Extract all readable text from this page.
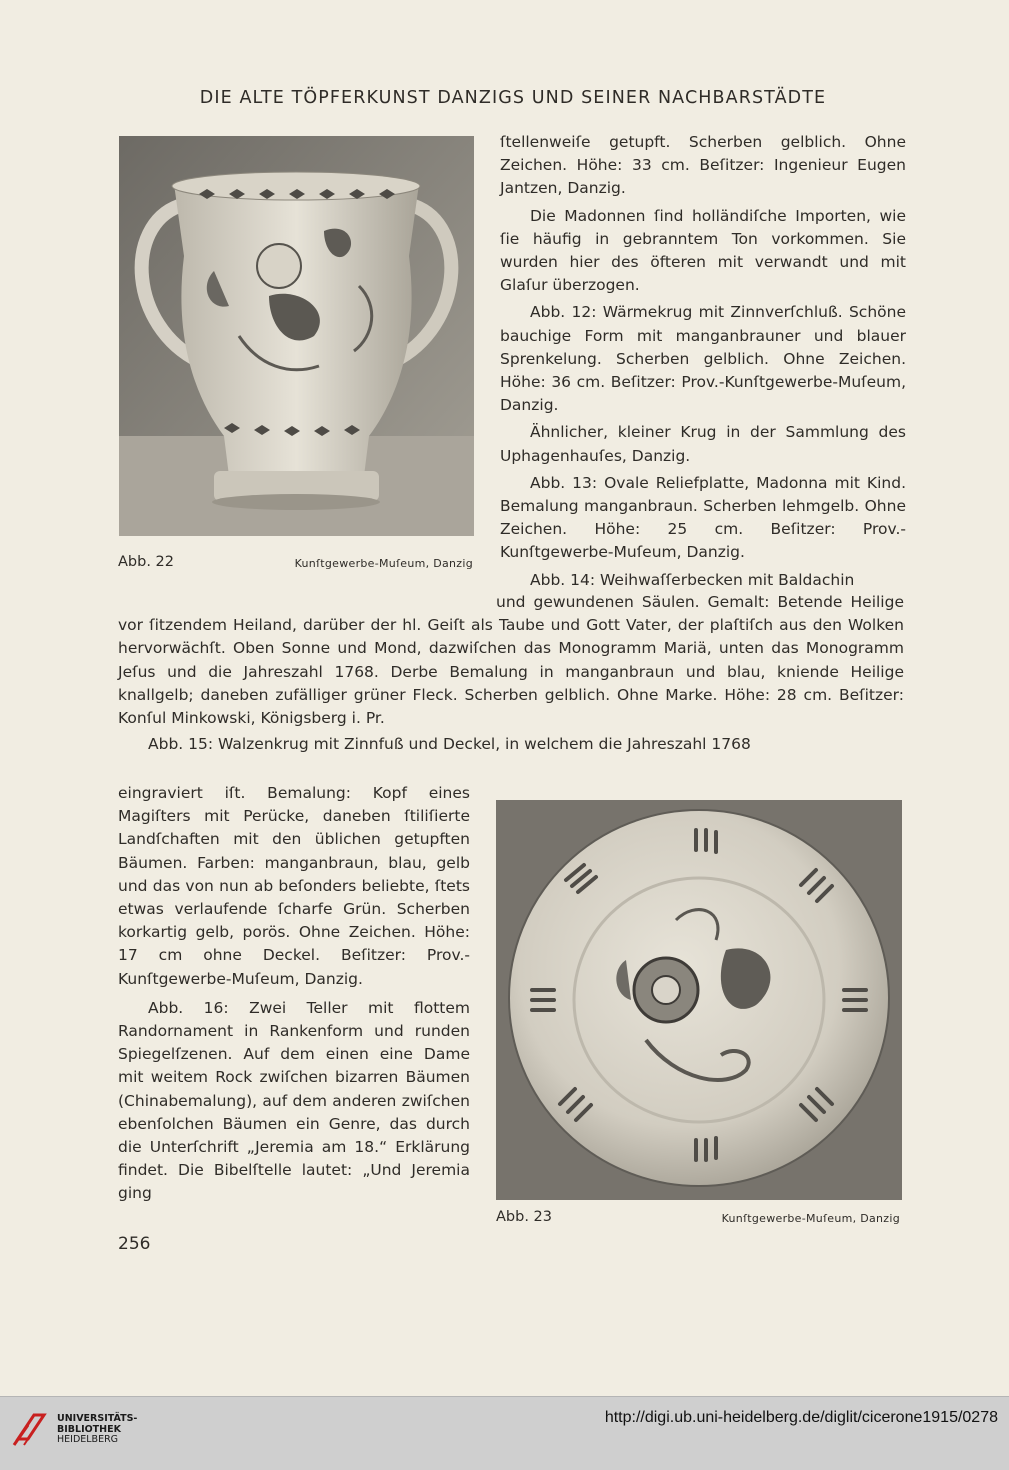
DIE ALTE TÖPFERKUNST DANZIGS UND SEINER NACHBARSTÄDTE
Abb. 22	Kunſtgewerbe-Muſeum, Danzig

ſtellenweiſe getupft. Scherben gelblich. Ohne Zeichen. Höhe: 33 cm. Beſitzer: Ingenieur Eugen Jantzen, Danzig.

Die Madonnen ſind holländiſche Importen, wie ſie häufig in gebranntem Ton vorkommen. Sie wurden hier des öfteren mit verwandt und mit Glaſur überzogen.

Abb. 12: Wärmekrug mit Zinnverſchluß. Schöne bauchige Form mit manganbrauner und blauer Sprenkelung. Scherben gelblich. Ohne Zeichen. Höhe: 36 cm. Beſitzer: Prov.-Kunſtgewerbe-Muſeum, Danzig.

Ähnlicher, kleiner Krug in der Sammlung des Uphagenhauſes, Danzig.

Abb. 13: Ovale Reliefplatte, Madonna mit Kind. Bemalung manganbraun. Scherben lehmgelb. Ohne Zeichen. Höhe: 25 cm. Beſitzer: Prov.-Kunſtgewerbe-Muſeum, Danzig.

Abb. 14: Weihwaſſerbecken mit Baldachin

und gewundenen Säulen. Gemalt: Betende Heilige vor ſitzendem Heiland, darüber der hl. Geiſt als Taube und Gott Vater, der plaſtiſch aus den Wolken hervorwächſt. Oben Sonne und Mond, dazwiſchen das Monogramm Mariä, unten das Monogramm Jeſus und die Jahreszahl 1768. Derbe Bemalung in manganbraun und blau, kniende Heilige knallgelb; daneben zufälliger grüner Fleck. Scherben gelblich. Ohne Marke. Höhe: 28 cm. Beſitzer: Konſul Minkowski, Königsberg i. Pr.

Abb. 15: Walzenkrug mit Zinnfuß und Deckel, in welchem die Jahreszahl 1768

eingraviert iſt. Bemalung: Kopf eines Magiſters mit Perücke, daneben ſtiliſierte Landſchaften mit den üblichen getupften Bäumen. Farben: manganbraun, blau, gelb und das von nun ab beſonders beliebte, ſtets etwas verlaufende ſcharfe Grün. Scherben korkartig gelb, porös. Ohne Zeichen. Höhe: 17 cm ohne Deckel. Beſitzer: Prov.-Kunſtgewerbe-Muſeum, Danzig.

Abb. 16: Zwei Teller mit flottem Randornament in Rankenform und runden Spiegelſzenen. Auf dem einen eine Dame mit weitem Rock zwiſchen bizarren Bäumen (Chinabemalung), auf dem anderen zwiſchen ebenſolchen Bäumen ein Genre, das durch die Unterſchrift „Jeremia am 18.“ Erklärung findet. Die Bibelſtelle lautet: „Und Jeremia ging

Abb. 23	Kunſtgewerbe-Muſeum, Danzig
256
UNIVERSITÄTS-
BIBLIOTHEK
HEIDELBERG
http://digi.ub.uni-heidelberg.de/diglit/cicerone1915/0278
